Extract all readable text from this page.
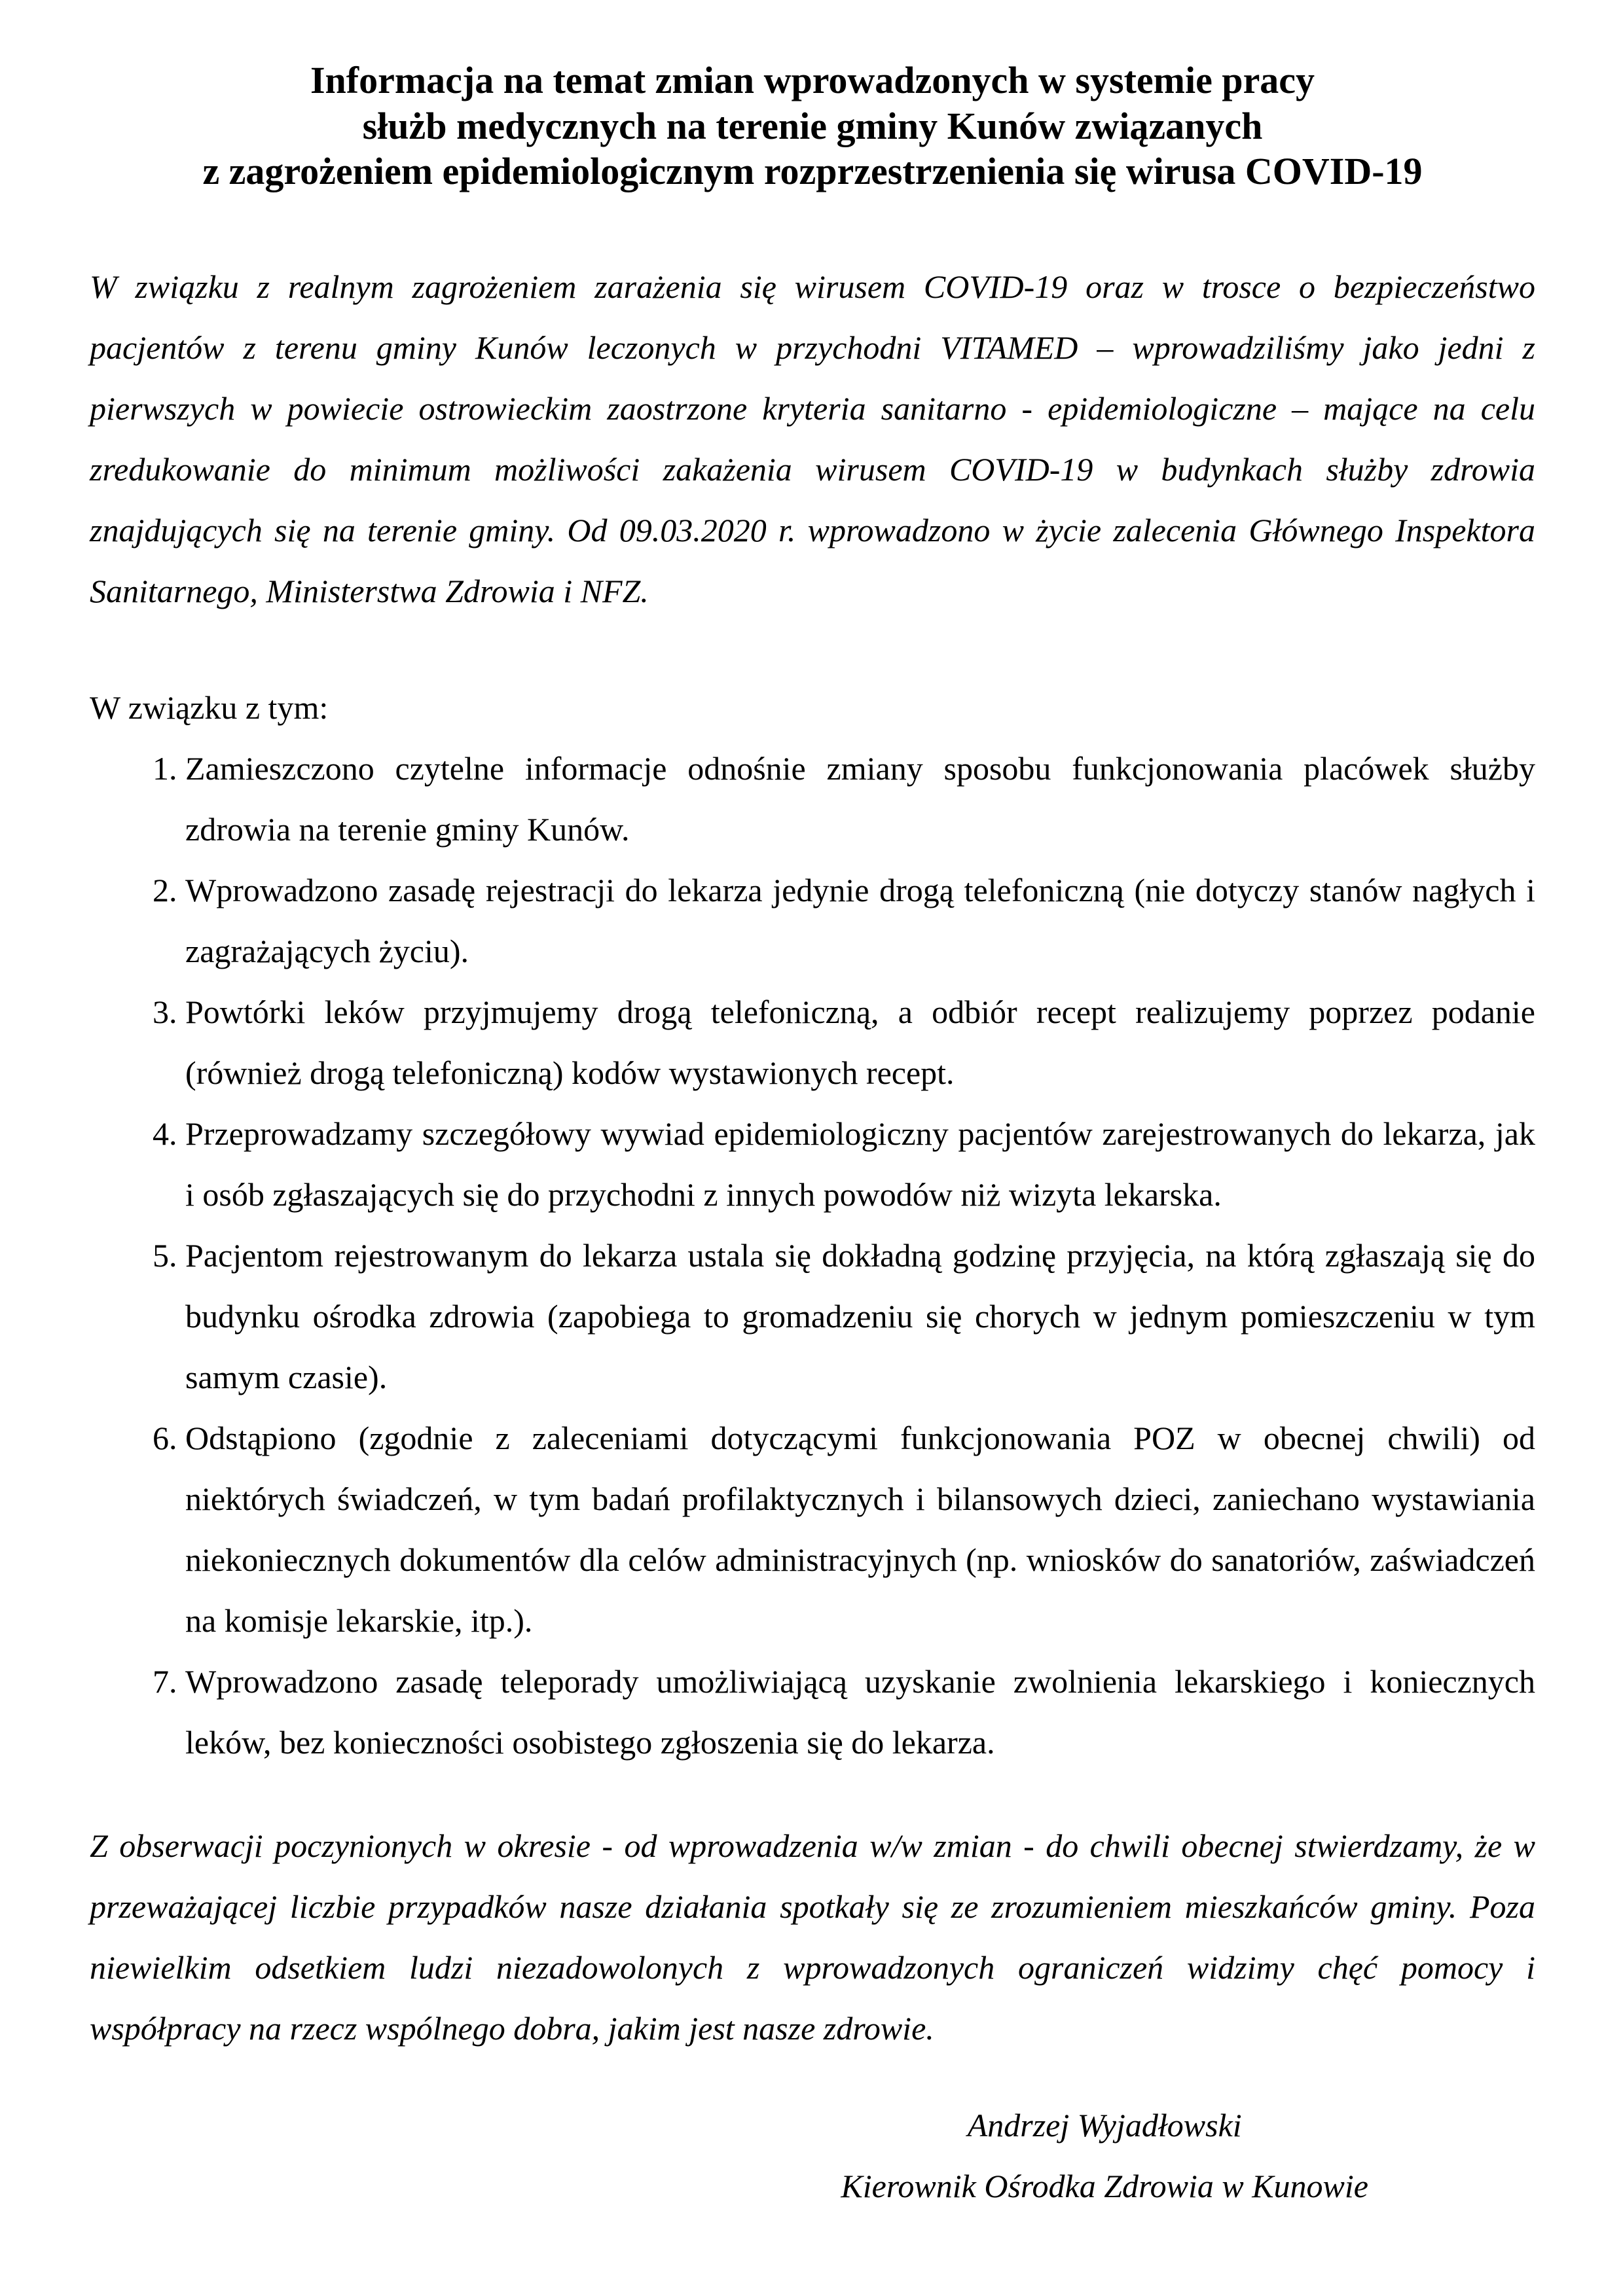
Informacja na temat zmian wprowadzonych w systemie pracy
służb medycznych na terenie gminy Kunów związanych
z zagrożeniem epidemiologicznym rozprzestrzenienia się wirusa COVID-19

W związku z realnym zagrożeniem zarażenia się wirusem COVID-19 oraz w trosce o bezpieczeństwo pacjentów z terenu gminy Kunów leczonych w przychodni VITAMED – wprowadziliśmy jako jedni z pierwszych w powiecie ostrowieckim zaostrzone kryteria sanitarno - epidemiologiczne – mające na celu zredukowanie do minimum możliwości zakażenia wirusem COVID-19 w budynkach służby zdrowia znajdujących się na terenie gminy. Od 09.03.2020 r. wprowadzono w życie zalecenia Głównego Inspektora Sanitarnego, Ministerstwa Zdrowia i NFZ.

W związku z tym:

1. Zamieszczono czytelne informacje odnośnie zmiany sposobu funkcjonowania placówek służby zdrowia na terenie gminy Kunów.
2. Wprowadzono zasadę rejestracji do lekarza jedynie drogą telefoniczną (nie dotyczy stanów nagłych i zagrażających życiu).
3. Powtórki leków przyjmujemy drogą telefoniczną, a odbiór recept realizujemy poprzez podanie (również drogą telefoniczną) kodów wystawionych recept.
4. Przeprowadzamy szczegółowy wywiad epidemiologiczny pacjentów zarejestrowanych do lekarza, jak i osób zgłaszających się do przychodni z innych powodów niż wizyta lekarska.
5. Pacjentom rejestrowanym do lekarza ustala się dokładną godzinę przyjęcia, na którą zgłaszają się do budynku ośrodka zdrowia (zapobiega to gromadzeniu się chorych w jednym pomieszczeniu w tym samym czasie).
6. Odstąpiono (zgodnie z zaleceniami dotyczącymi funkcjonowania POZ w obecnej chwili) od niektórych świadczeń, w tym badań profilaktycznych i bilansowych dzieci, zaniechano wystawiania niekoniecznych dokumentów dla celów administracyjnych (np. wniosków do sanatoriów, zaświadczeń na komisje lekarskie, itp.).
7. Wprowadzono zasadę teleporady umożliwiającą uzyskanie zwolnienia lekarskiego i koniecznych leków, bez konieczności osobistego zgłoszenia się do lekarza.

Z obserwacji poczynionych w okresie - od wprowadzenia w/w zmian - do chwili obecnej stwierdzamy, że w przeważającej liczbie przypadków nasze działania spotkały się ze zrozumieniem mieszkańców gminy. Poza niewielkim odsetkiem ludzi niezadowolonych z wprowadzonych ograniczeń widzimy chęć pomocy i współpracy na rzecz wspólnego dobra, jakim jest nasze zdrowie.

Andrzej Wyjadłowski
Kierownik Ośrodka Zdrowia w Kunowie
